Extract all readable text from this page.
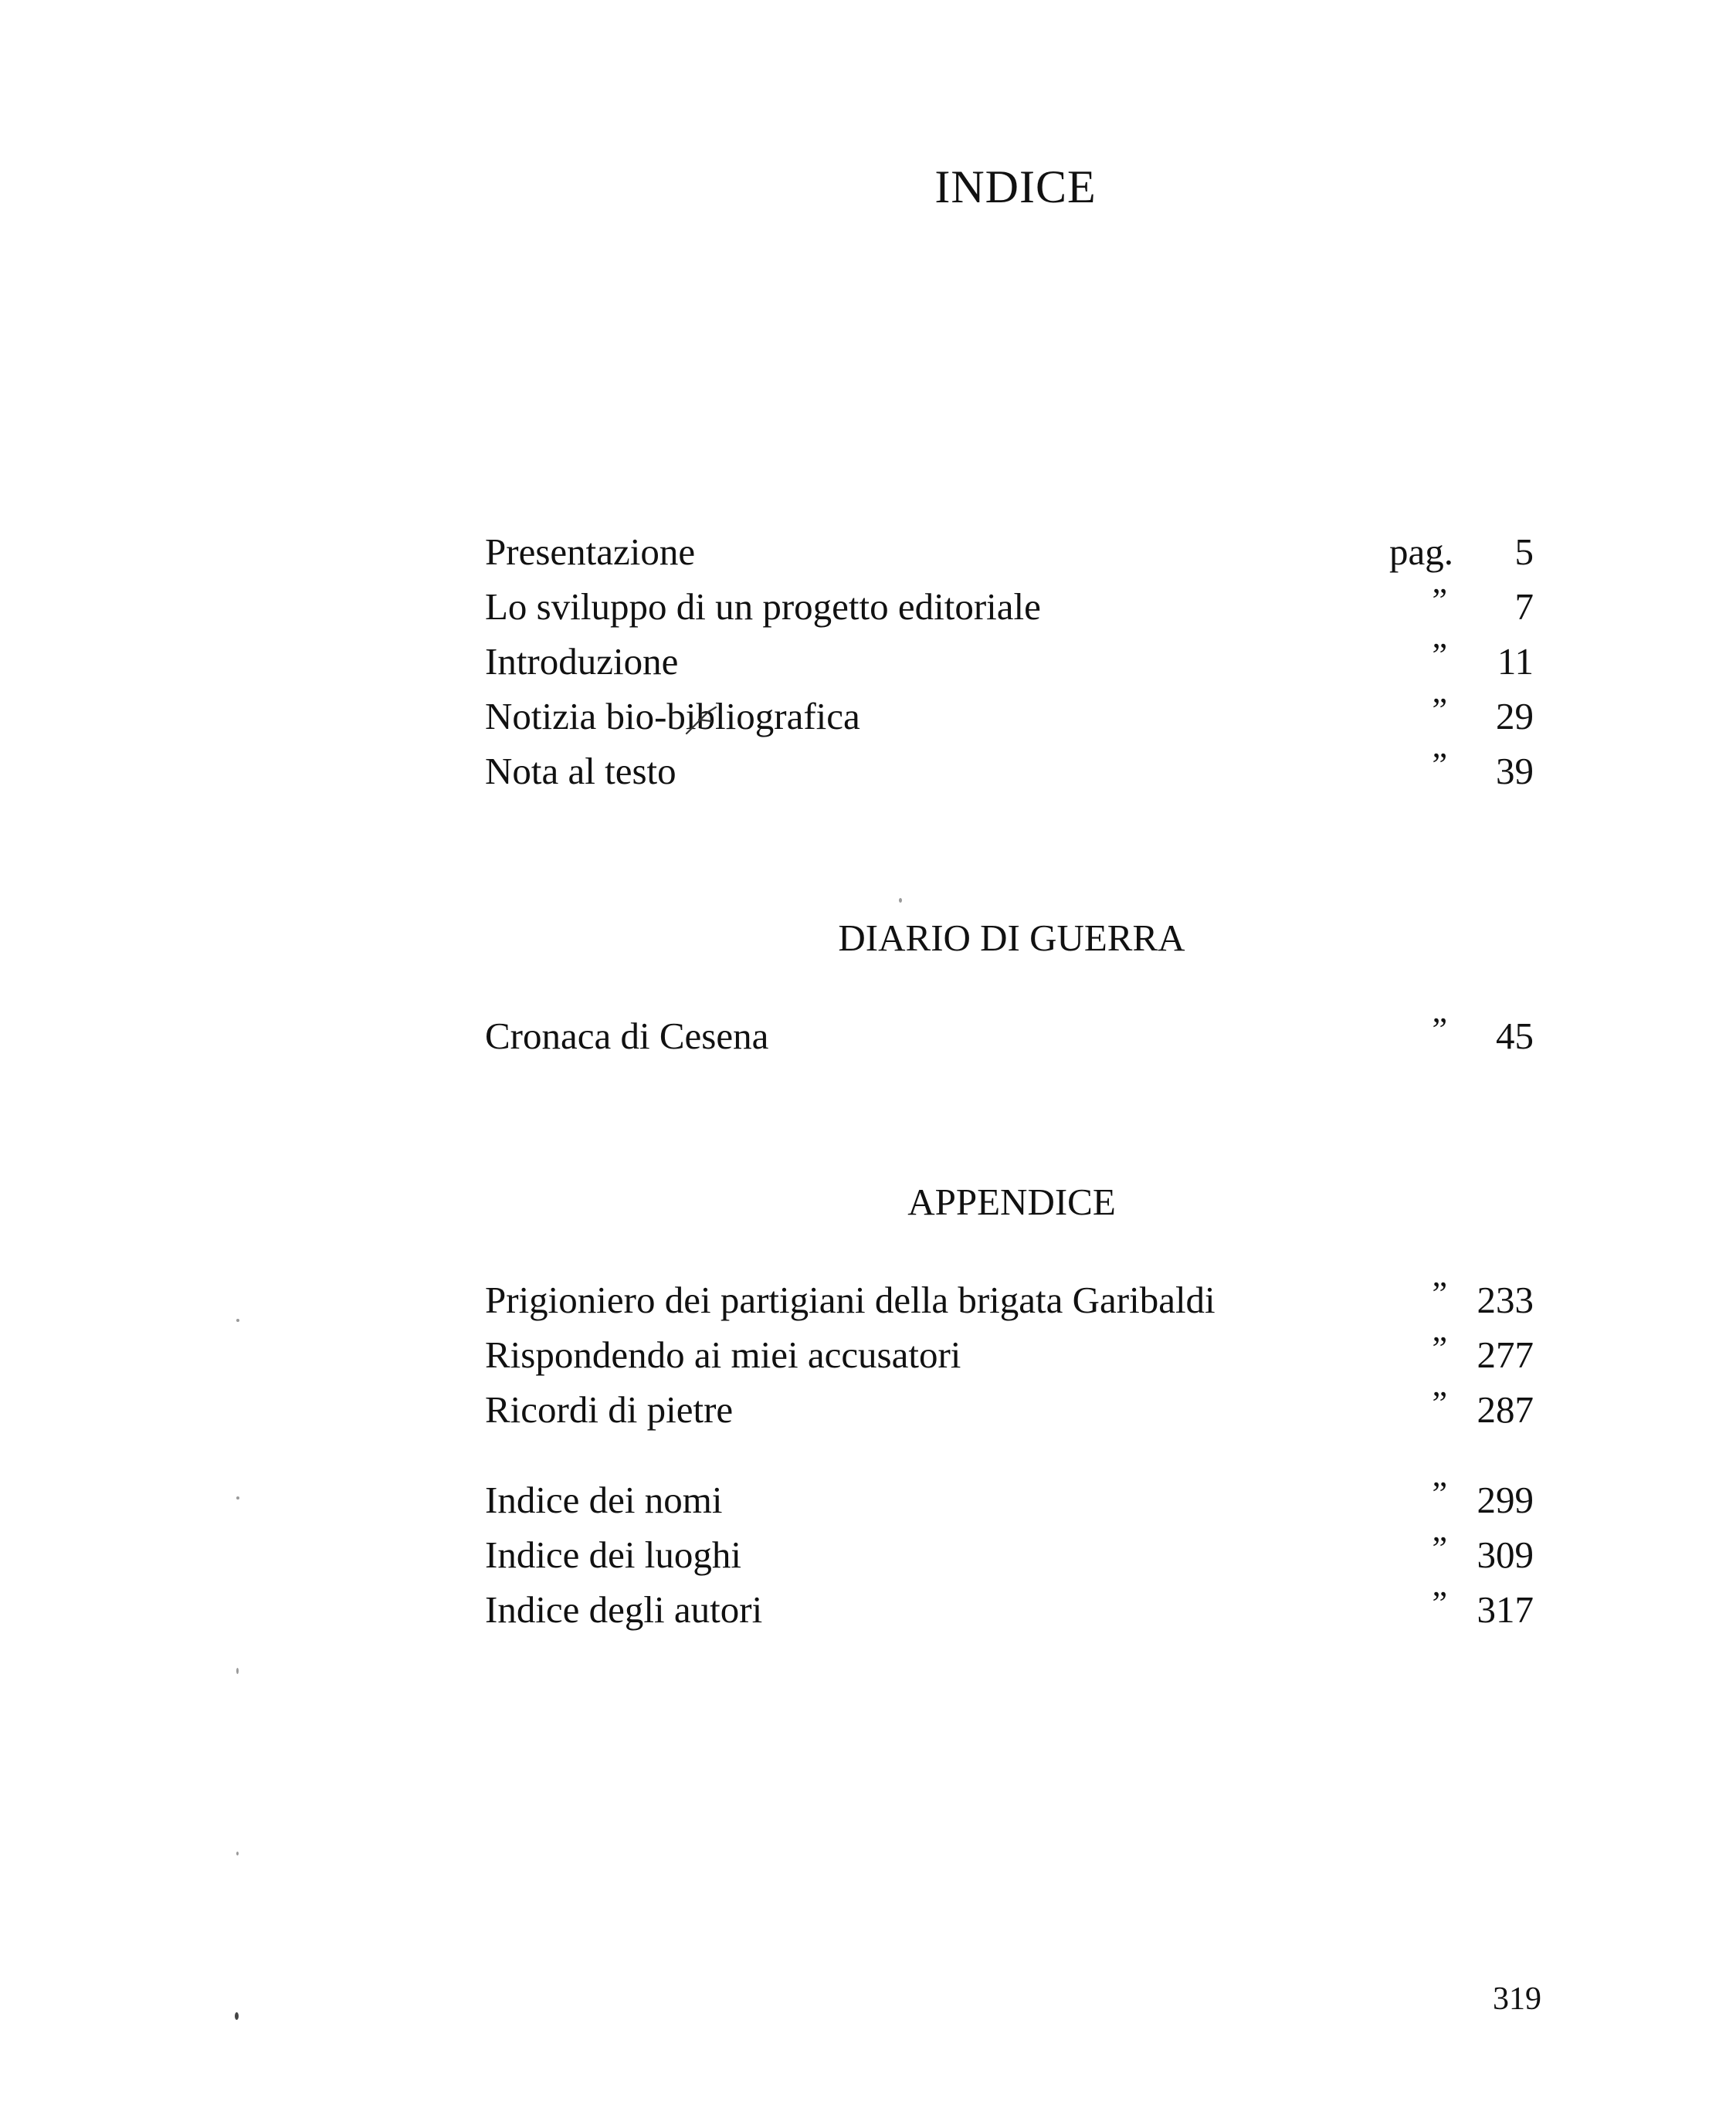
INDICE
Presentazione	pag. 5
Lo sviluppo di un progetto editoriale	” 7
Introduzione	” 11
Notizia bio-bibliografica	” 29
Nota al testo	” 39
DIARIO DI GUERRA
Cronaca di Cesena	” 45
APPENDICE
Prigioniero dei partigiani della brigata Garibaldi	” 233
Rispondendo ai miei accusatori	” 277
Ricordi di pietre	” 287
Indice dei nomi	” 299
Indice dei luoghi	” 309
Indice degli autori	” 317
319
